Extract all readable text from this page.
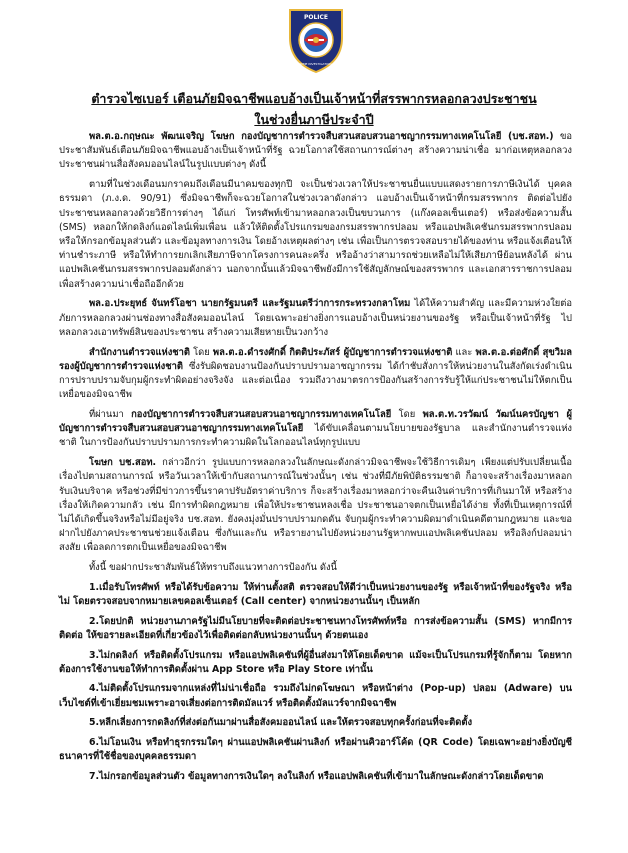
POLICE
CYBER CRIME INVESTIGATION BUREAU
ตำรวจไซเบอร์ เตือนภัยมิจฉาชีพแอบอ้างเป็นเจ้าหน้าที่สรรพากรหลอกลวงประชาชน
ในช่วงยื่นภาษีประจำปี

พล.ต.อ.กฤษณะ พัฒนเจริญ โฆษก กองบัญชาการตำรวจสืบสวนสอบสวนอาชญากรรมทางเทคโนโลยี (บช.สอท.) ขอประชาสัมพันธ์เตือนภัยมิจฉาชีพแอบอ้างเป็นเจ้าหน้าที่รัฐ ฉวยโอกาสใช้สถานการณ์ต่างๆ สร้างความน่าเชื่อ มาก่อเหตุหลอกลวงประชาชนผ่านสื่อสังคมออนไลน์ในรูปแบบต่างๆ ดังนี้

ตามที่ในช่วงเดือนมกราคมถึงเดือนมีนาคมของทุกปี จะเป็นช่วงเวลาให้ประชาชนยื่นแบบแสดงรายการภาษีเงินได้ บุคคลธรรมดา (ภ.ง.ด. 90/91) ซึ่งมิจฉาชีพก็จะฉวยโอกาสในช่วงเวลาดังกล่าว แอบอ้างเป็นเจ้าหน้าที่กรมสรรพากร ติดต่อไปยังประชาชนหลอกลวงด้วยวิธีการต่างๆ ได้แก่ โทรศัพท์เข้ามาหลอกลวงเป็นขบวนการ (แก๊งคอลเซ็นเตอร์) หรือส่งข้อความสั้น (SMS) หลอกให้กดลิงก์แอดไลน์เพิ่มเพื่อน แล้วให้ติดตั้งโปรแกรมของกรมสรรพากรปลอม หรือแอปพลิเคชันกรมสรรพากรปลอม หรือให้กรอกข้อมูลส่วนตัว และข้อมูลทางการเงิน โดยอ้างเหตุผลต่างๆ เช่น เพื่อเป็นการตรวจสอบรายได้ของท่าน หรือแจ้งเตือนให้ท่านชำระภาษี หรือให้ทำการยกเลิกเสียภาษีจากโครงการคนละครึ่ง หรืออ้างว่าสามารถช่วยเหลือไม่ให้เสียภาษีย้อนหลังได้ ผ่านแอปพลิเคชันกรมสรรพากรปลอมดังกล่าว นอกจากนั้นแล้วมิจฉาชีพยังมีการใช้สัญลักษณ์ของสรรพากร และเอกสารราชการปลอม เพื่อสร้างความน่าเชื่อถืออีกด้วย

พล.อ.ประยุทธ์ จันทร์โอชา นายกรัฐมนตรี และรัฐมนตรีว่าการกระทรวงกลาโหม ได้ให้ความสำคัญ และมีความห่วงใยต่อภัยการหลอกลวงผ่านช่องทางสื่อสังคมออนไลน์ โดยเฉพาะอย่างยิ่งการแอบอ้างเป็นหน่วยงานของรัฐ หรือเป็นเจ้าหน้าที่รัฐ ไปหลอกลวงเอาทรัพย์สินของประชาชน สร้างความเสียหายเป็นวงกว้าง

สำนักงานตำรวจแห่งชาติ โดย พล.ต.อ.ดำรงศักดิ์ กิตติประภัสร์ ผู้บัญชาการตำรวจแห่งชาติ และ พล.ต.อ.ต่อศักดิ์ สุขวิมล รองผู้บัญชาการตำรวจแห่งชาติ ซึ่งรับผิดชอบงานป้องกันปราบปรามอาชญากรรม ได้กำชับสั่งการให้หน่วยงานในสังกัดเร่งดำเนินการปราบปรามจับกุมผู้กระทำผิดอย่างจริงจัง และต่อเนื่อง รวมถึงวางมาตรการป้องกันสร้างการรับรู้ให้แก่ประชาชนไม่ให้ตกเป็นเหยื่อของมิจฉาชีพ

ที่ผ่านมา กองบัญชาการตำรวจสืบสวนสอบสวนอาชญากรรมทางเทคโนโลยี โดย พล.ต.ท.วรวัฒน์ วัฒน์นครบัญชา ผู้บัญชาการตำรวจสืบสวนสอบสวนอาชญากรรมทางเทคโนโลยี ได้ขับเคลื่อนตามนโยบายของรัฐบาล และสำนักงานตำรวจแห่งชาติ ในการป้องกันปราบปรามการกระทำความผิดในโลกออนไลน์ทุกรูปแบบ

โฆษก บช.สอท. กล่าวอีกว่า รูปแบบการหลอกลวงในลักษณะดังกล่าวมิจฉาชีพจะใช้วิธีการเดิมๆ เพียงแต่ปรับเปลี่ยนเนื้อเรื่องไปตามสถานการณ์ หรือวันเวลาให้เข้ากับสถานการณ์ในช่วงนั้นๆ เช่น ช่วงที่มีภัยพิบัติธรรมชาติ ก็อาจจะสร้างเรื่องมาหลอกรับเงินบริจาค หรือช่วงที่มีข่าวการขึ้นราคาปรับอัตราค่าบริการ ก็จะสร้างเรื่องมาหลอกว่าจะคืนเงินค่าบริการที่เกินมาให้ หรือสร้างเรื่องให้เกิดความกลัว เช่น มีการทำผิดกฎหมาย เพื่อให้ประชาชนหลงเชื่อ ประชาชนอาจตกเป็นเหยื่อได้ง่าย ทั้งที่เป็นเหตุการณ์ที่ไม่ได้เกิดขึ้นจริงหรือไม่มีอยู่จริง บช.สอท. ยังคงมุ่งมั่นปราบปรามกดดัน จับกุมผู้กระทำความผิดมาดำเนินคดีตามกฎหมาย และขอฝากไปยังภาคประชาชนช่วยแจ้งเตือน ซึ่งกันและกัน หรือรายงานไปยังหน่วยงานรัฐหากพบแอปพลิเคชันปลอม หรือลิงก์ปลอมน่าสงสัย เพื่อลดการตกเป็นเหยื่อของมิจฉาชีพ

ทั้งนี้ ขอฝากประชาสัมพันธ์ให้ทราบถึงแนวทางการป้องกัน ดังนี้

1.เมื่อรับโทรศัพท์ หรือได้รับข้อความ ให้ท่านตั้งสติ ตรวจสอบให้ดีว่าเป็นหน่วยงานของรัฐ หรือเจ้าหน้าที่ของรัฐจริง หรือไม่ โดยตรวจสอบจากหมายเลขคอลเซ็นเตอร์ (Call center) จากหน่วยงานนั้นๆ เป็นหลัก

2.โดยปกติ หน่วยงานภาครัฐไม่มีนโยบายที่จะติดต่อประชาชนทางโทรศัพท์หรือ การส่งข้อความสั้น (SMS) หากมีการติดต่อ ให้ขอรายละเอียดที่เกี่ยวข้องไว้เพื่อติดต่อกลับหน่วยงานนั้นๆ ด้วยตนเอง

3.ไม่กดลิงก์ หรือติดตั้งโปรแกรม หรือแอปพลิเคชันที่ผู้อื่นส่งมาให้โดยเด็ดขาด แม้จะเป็นโปรแกรมที่รู้จักก็ตาม โดยหากต้องการใช้งานขอให้ทำการติดตั้งผ่าน App Store หรือ Play Store เท่านั้น

4.ไม่ติดตั้งโปรแกรมจากแหล่งที่ไม่น่าเชื่อถือ รวมถึงไม่กดโฆษณา หรือหน้าต่าง (Pop-up) ปลอม (Adware) บนเว็บไซต์ที่เข้าเยี่ยมชมเพราะอาจเสี่ยงต่อการติดมัลแวร์ หรือติดตั้งมัลแวร์จากมิจฉาชีพ

5.หลีกเลี่ยงการกดลิงก์ที่ส่งต่อกันมาผ่านสื่อสังคมออนไลน์ และให้ตรวจสอบทุกครั้งก่อนที่จะติดตั้ง

6.ไม่โอนเงิน หรือทำธุรกรรมใดๆ ผ่านแอปพลิเคชันผ่านลิงก์ หรือผ่านคิวอาร์โค้ด (QR Code) โดยเฉพาะอย่างยิ่งบัญชีธนาคารที่ใช้ชื่อของบุคคลธรรมดา

7.ไม่กรอกข้อมูลส่วนตัว ข้อมูลทางการเงินใดๆ ลงในลิงก์ หรือแอปพลิเคชันที่เข้ามาในลักษณะดังกล่าวโดยเด็ดขาด
